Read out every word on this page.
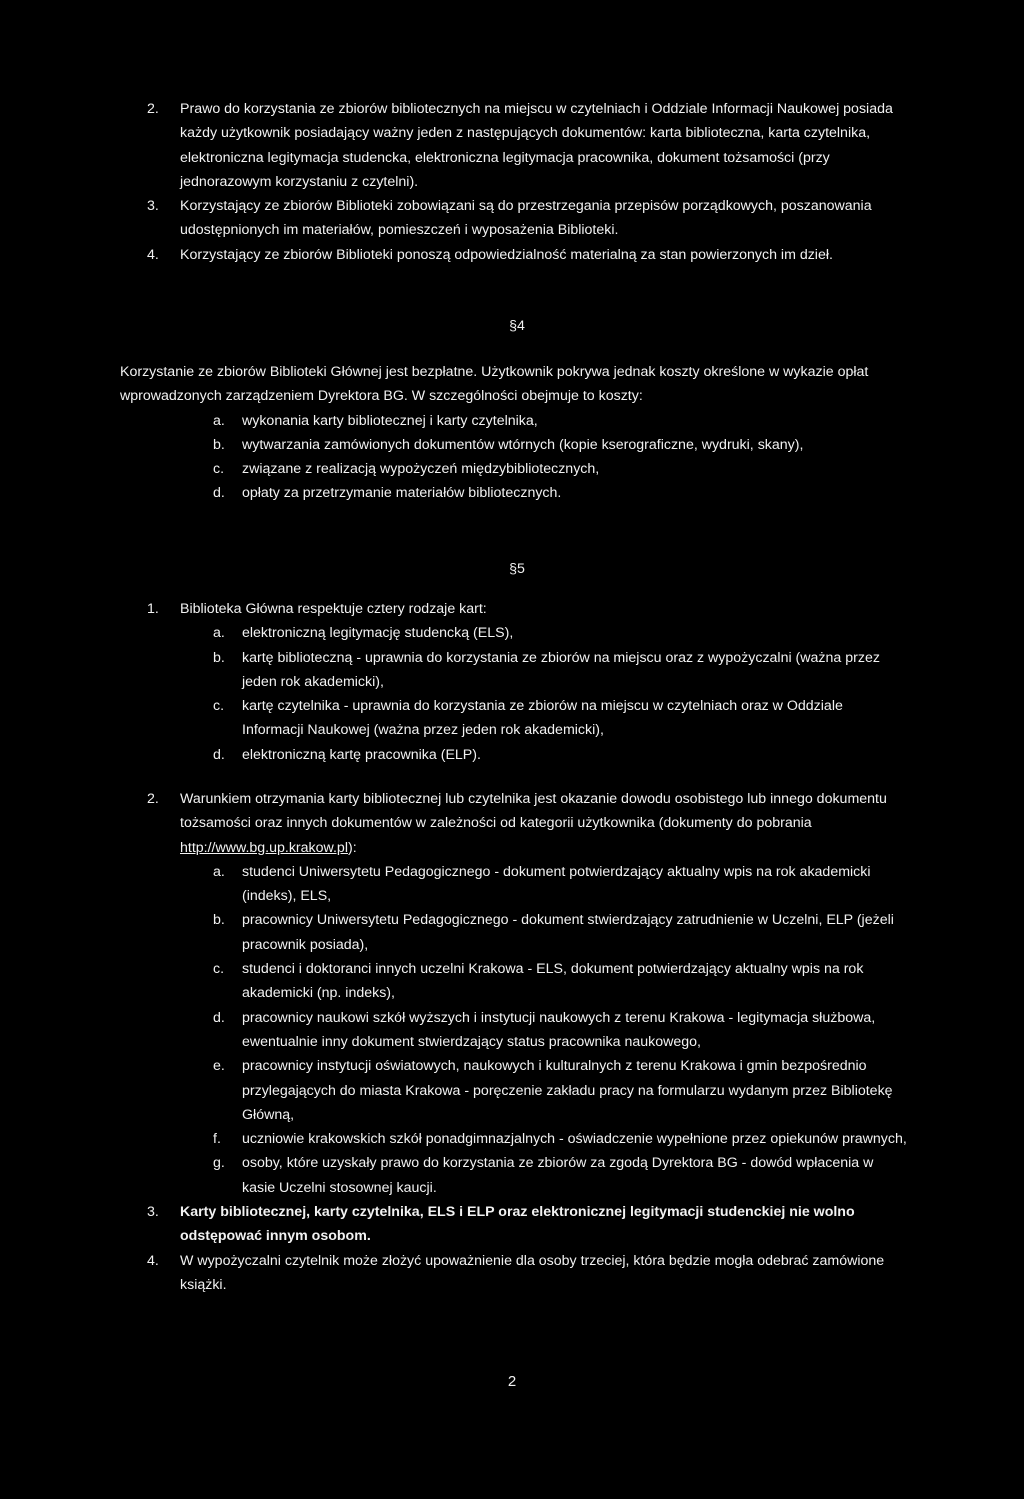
2. Prawo do korzystania ze zbiorów bibliotecznych na miejscu w czytelniach i Oddziale Informacji Naukowej posiada każdy użytkownik posiadający ważny jeden z następujących dokumentów: karta biblioteczna, karta czytelnika, elektroniczna legitymacja studencka, elektroniczna legitymacja pracownika, dokument tożsamości (przy jednorazowym korzystaniu z czytelni).
3. Korzystający ze zbiorów Biblioteki zobowiązani są do przestrzegania przepisów porządkowych, poszanowania udostępnionych im materiałów, pomieszczeń i wyposażenia Biblioteki.
4. Korzystający ze zbiorów Biblioteki ponoszą odpowiedzialność materialną za stan powierzonych im dzieł.
§4
Korzystanie ze zbiorów Biblioteki Głównej jest bezpłatne. Użytkownik pokrywa jednak koszty określone w wykazie opłat wprowadzonych zarządzeniem Dyrektora BG. W szczególności obejmuje to koszty:
a. wykonania karty bibliotecznej i karty czytelnika,
b. wytwarzania zamówionych dokumentów wtórnych (kopie kserograficzne, wydruki, skany),
c. związane z realizacją wypożyczeń międzybibliotecznych,
d. opłaty za przetrzymanie materiałów bibliotecznych.
§5
1. Biblioteka Główna respektuje cztery rodzaje kart:
a. elektroniczną legitymację studencką (ELS),
b. kartę biblioteczną - uprawnia do korzystania ze zbiorów na miejscu oraz z wypożyczalni (ważna przez jeden rok akademicki),
c. kartę czytelnika - uprawnia do korzystania ze zbiorów na miejscu w czytelniach oraz w Oddziale Informacji Naukowej (ważna przez jeden rok akademicki),
d. elektroniczną kartę pracownika (ELP).
2. Warunkiem otrzymania karty bibliotecznej lub czytelnika jest okazanie dowodu osobistego lub innego dokumentu tożsamości oraz innych dokumentów w zależności od kategorii użytkownika (dokumenty do pobrania http://www.bg.up.krakow.pl):
a. studenci Uniwersytetu Pedagogicznego - dokument potwierdzający aktualny wpis na rok akademicki (indeks), ELS,
b. pracownicy Uniwersytetu Pedagogicznego - dokument stwierdzający zatrudnienie w Uczelni, ELP (jeżeli pracownik posiada),
c. studenci i doktoranci innych uczelni Krakowa - ELS, dokument potwierdzający aktualny wpis na rok akademicki (np. indeks),
d. pracownicy naukowi szkół wyższych i instytucji naukowych z terenu Krakowa - legitymacja służbowa, ewentualnie inny dokument stwierdzający status pracownika naukowego,
e. pracownicy instytucji oświatowych, naukowych i kulturalnych z terenu Krakowa i gmin bezpośrednio przylegających do miasta Krakowa - poręczenie zakładu pracy na formularzu wydanym przez Bibliotekę Główną,
f. uczniowie krakowskich szkół ponadgimnazjalnych - oświadczenie wypełnione przez opiekunów prawnych,
g. osoby, które uzyskały prawo do korzystania ze zbiorów za zgodą Dyrektora BG - dowód wpłacenia w kasie Uczelni stosownej kaucji.
3. Karty bibliotecznej, karty czytelnika, ELS i ELP oraz elektronicznej legitymacji studenckiej nie wolno odstępować innym osobom.
4. W wypożyczalni czytelnik może złożyć upoważnienie dla osoby trzeciej, która będzie mogła odebrać zamówione książki.
2
